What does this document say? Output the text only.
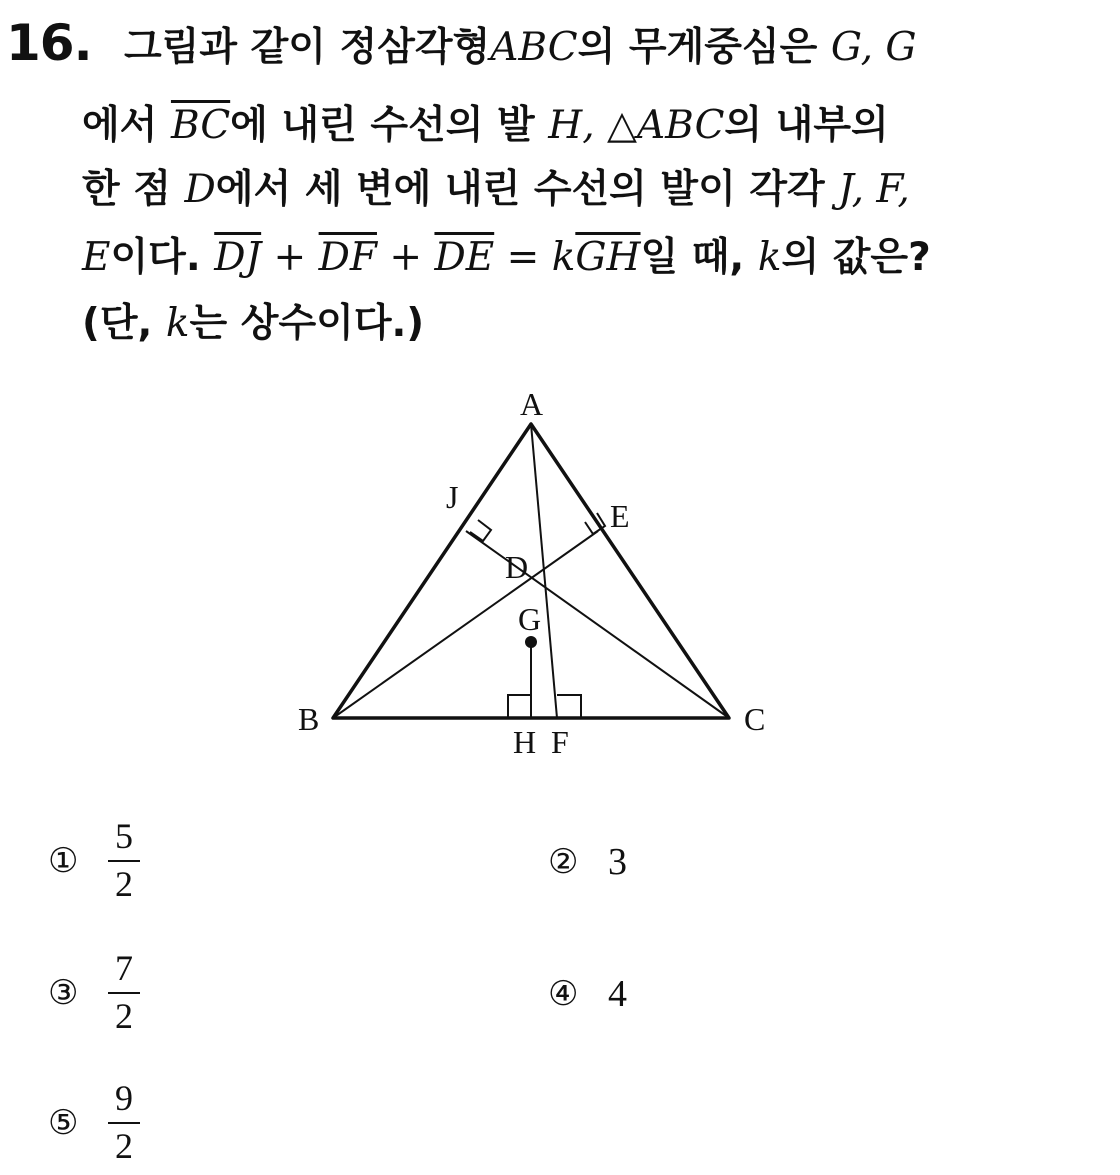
16. 그림과 같이 정삼각형ABC의 무게중심은 G, G
에서 $\overline{BC}$에 내린 수선의 발 H, △ABC의 내부의
한 점 D에서 세 변에 내린 수선의 발이 각각 J, F,
E이다. $\overline{DJ} + \overline{DF} + \overline{DE} = k\overline{GH}$일 때, k의 값은?
(단, k는 상수이다.)
A
B	C
D
E
F
G
H
J
① $\frac{5}{2}$	② 3
③ $\frac{7}{2}$	④ 4
⑤ $\frac{9}{2}$
